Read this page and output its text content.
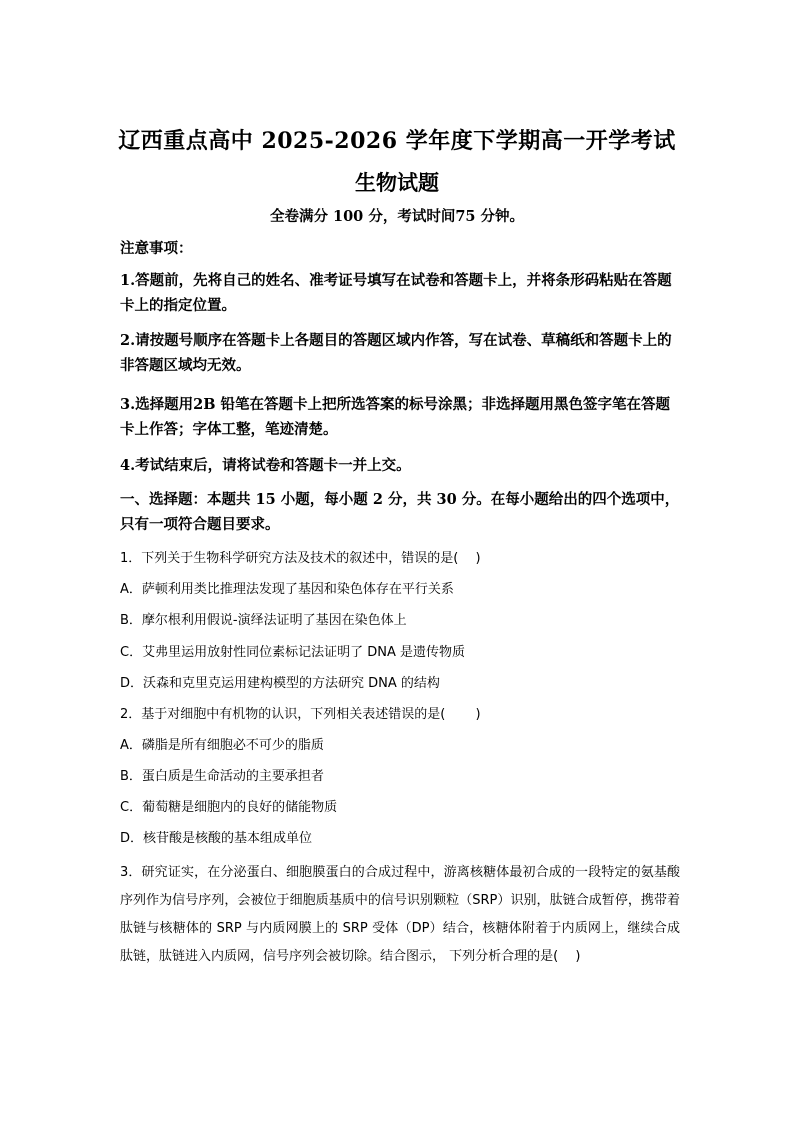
辽西重点高中 2025-2026 学年度下学期高一开学考试
生物试题
全卷满分 100 分，考试时间75 分钟。
注意事项：
1.答题前，先将自己的姓名、准考证号填写在试卷和答题卡上，并将条形码粘贴在答题卡上的指定位置。
2.请按题号顺序在答题卡上各题目的答题区域内作答，写在试卷、草稿纸和答题卡上的非答题区域均无效。
3.选择题用2B 铅笔在答题卡上把所选答案的标号涂黑；非选择题用黑色签字笔在答题卡上作答；字体工整，笔迹清楚。
4.考试结束后，请将试卷和答题卡一并上交。
一、选择题：本题共 15 小题，每小题 2 分，共 30 分。在每小题给出的四个选项中，只有一项符合题目要求。
1．下列关于生物科学研究方法及技术的叙述中，错误的是(　 )
A．萨顿利用类比推理法发现了基因和染色体存在平行关系
B．摩尔根利用假说-演绎法证明了基因在染色体上
C．艾弗里运用放射性同位素标记法证明了 DNA 是遗传物质
D．沃森和克里克运用建构模型的方法研究 DNA 的结构
2．基于对细胞中有机物的认识，下列相关表述错误的是(　　 )
A．磷脂是所有细胞必不可少的脂质
B．蛋白质是生命活动的主要承担者
C．葡萄糖是细胞内的良好的储能物质
D．核苷酸是核酸的基本组成单位
3．研究证实，在分泌蛋白、细胞膜蛋白的合成过程中，游离核糖体最初合成的一段特定的氨基酸序列作为信号序列，会被位于细胞质基质中的信号识别颗粒（SRP）识别，肽链合成暂停，携带着肽链与核糖体的 SRP 与内质网膜上的 SRP 受体（DP）结合，核糖体附着于内质网上，继续合成肽链，肽链进入内质网，信号序列会被切除。结合图示， 下列分析合理的是(　 )
